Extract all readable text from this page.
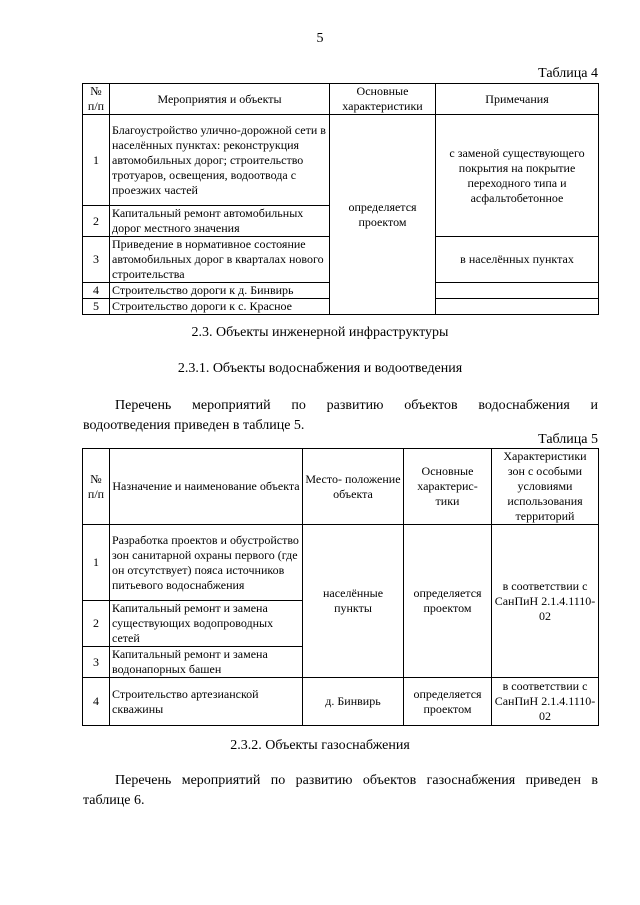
5
Таблица 4
№ п/п	Мероприятия и объекты	Основные характеристики	Примечания
1	Благоустройство улично-дорожной сети в населённых пунктах: реконструкция автомобильных дорог; строительство тротуаров, освещения, водоотвода с проезжих частей	определяется проектом	с заменой существующего покрытия на покрытие переходного типа и асфальтобетонное
2	Капитальный ремонт автомобильных дорог местного значения		
3	Приведение в нормативное состояние автомобильных дорог в кварталах нового строительства		в населённых пунктах
4	Строительство дороги к д. Бинвирь		
5	Строительство дороги к с. Красное		
2.3. Объекты инженерной инфраструктуры
2.3.1. Объекты водоснабжения и водоотведения
Перечень мероприятий по развитию объектов водоснабжения и
водоотведения приведен в таблице 5.
Таблица 5
№ п/п	Назначение и наименование объекта	Место- положение объекта	Основные характерис- тики	Характеристики зон с особыми условиями использования территорий
1	Разработка проектов и обустройство зон санитарной охраны первого (где он отсутствует) пояса источников питьевого водоснабжения	населённые пункты	определяется проектом	в соответствии с СанПиН 2.1.4.1110-02
2	Капитальный ремонт и замена существующих водопроводных сетей			
3	Капитальный ремонт и замена водонапорных башен			
4	Строительство артезианской скважины	д. Бинвирь	определяется проектом	в соответствии с СанПиН 2.1.4.1110-02
2.3.2. Объекты газоснабжения
Перечень мероприятий по развитию объектов газоснабжения приведен в таблице 6.
